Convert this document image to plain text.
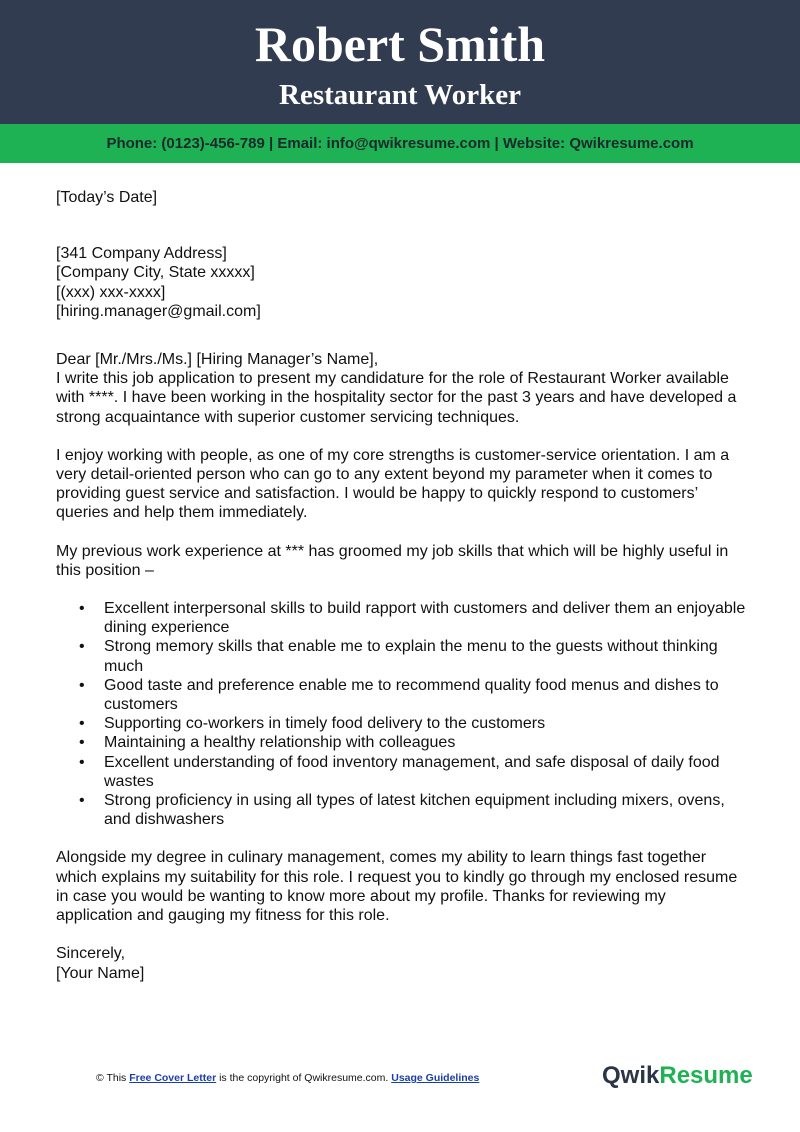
Robert Smith
Restaurant Worker
Phone: (0123)-456-789 | Email: info@qwikresume.com | Website: Qwikresume.com

[Today’s Date]

[341 Company Address]
[Company City, State xxxxx]
[(xxx) xxx-xxxx]
[hiring.manager@gmail.com]

Dear [Mr./Mrs./Ms.] [Hiring Manager’s Name],

I write this job application to present my candidature for the role of Restaurant Worker available with ****. I have been working in the hospitality sector for the past 3 years and have developed a strong acquaintance with superior customer servicing techniques.

I enjoy working with people, as one of my core strengths is customer-service orientation. I am a very detail-oriented person who can go to any extent beyond my parameter when it comes to providing guest service and satisfaction. I would be happy to quickly respond to customers’ queries and help them immediately.

My previous work experience at *** has groomed my job skills that which will be highly useful in this position –

• Excellent interpersonal skills to build rapport with customers and deliver them an enjoyable dining experience
• Strong memory skills that enable me to explain the menu to the guests without thinking much
• Good taste and preference enable me to recommend quality food menus and dishes to customers
• Supporting co-workers in timely food delivery to the customers
• Maintaining a healthy relationship with colleagues
• Excellent understanding of food inventory management, and safe disposal of daily food wastes
• Strong proficiency in using all types of latest kitchen equipment including mixers, ovens, and dishwashers

Alongside my degree in culinary management, comes my ability to learn things fast together which explains my suitability for this role. I request you to kindly go through my enclosed resume in case you would be wanting to know more about my profile. Thanks for reviewing my application and gauging my fitness for this role.

Sincerely,
[Your Name]

© This Free Cover Letter is the copyright of Qwikresume.com. Usage Guidelines	QwikResume
